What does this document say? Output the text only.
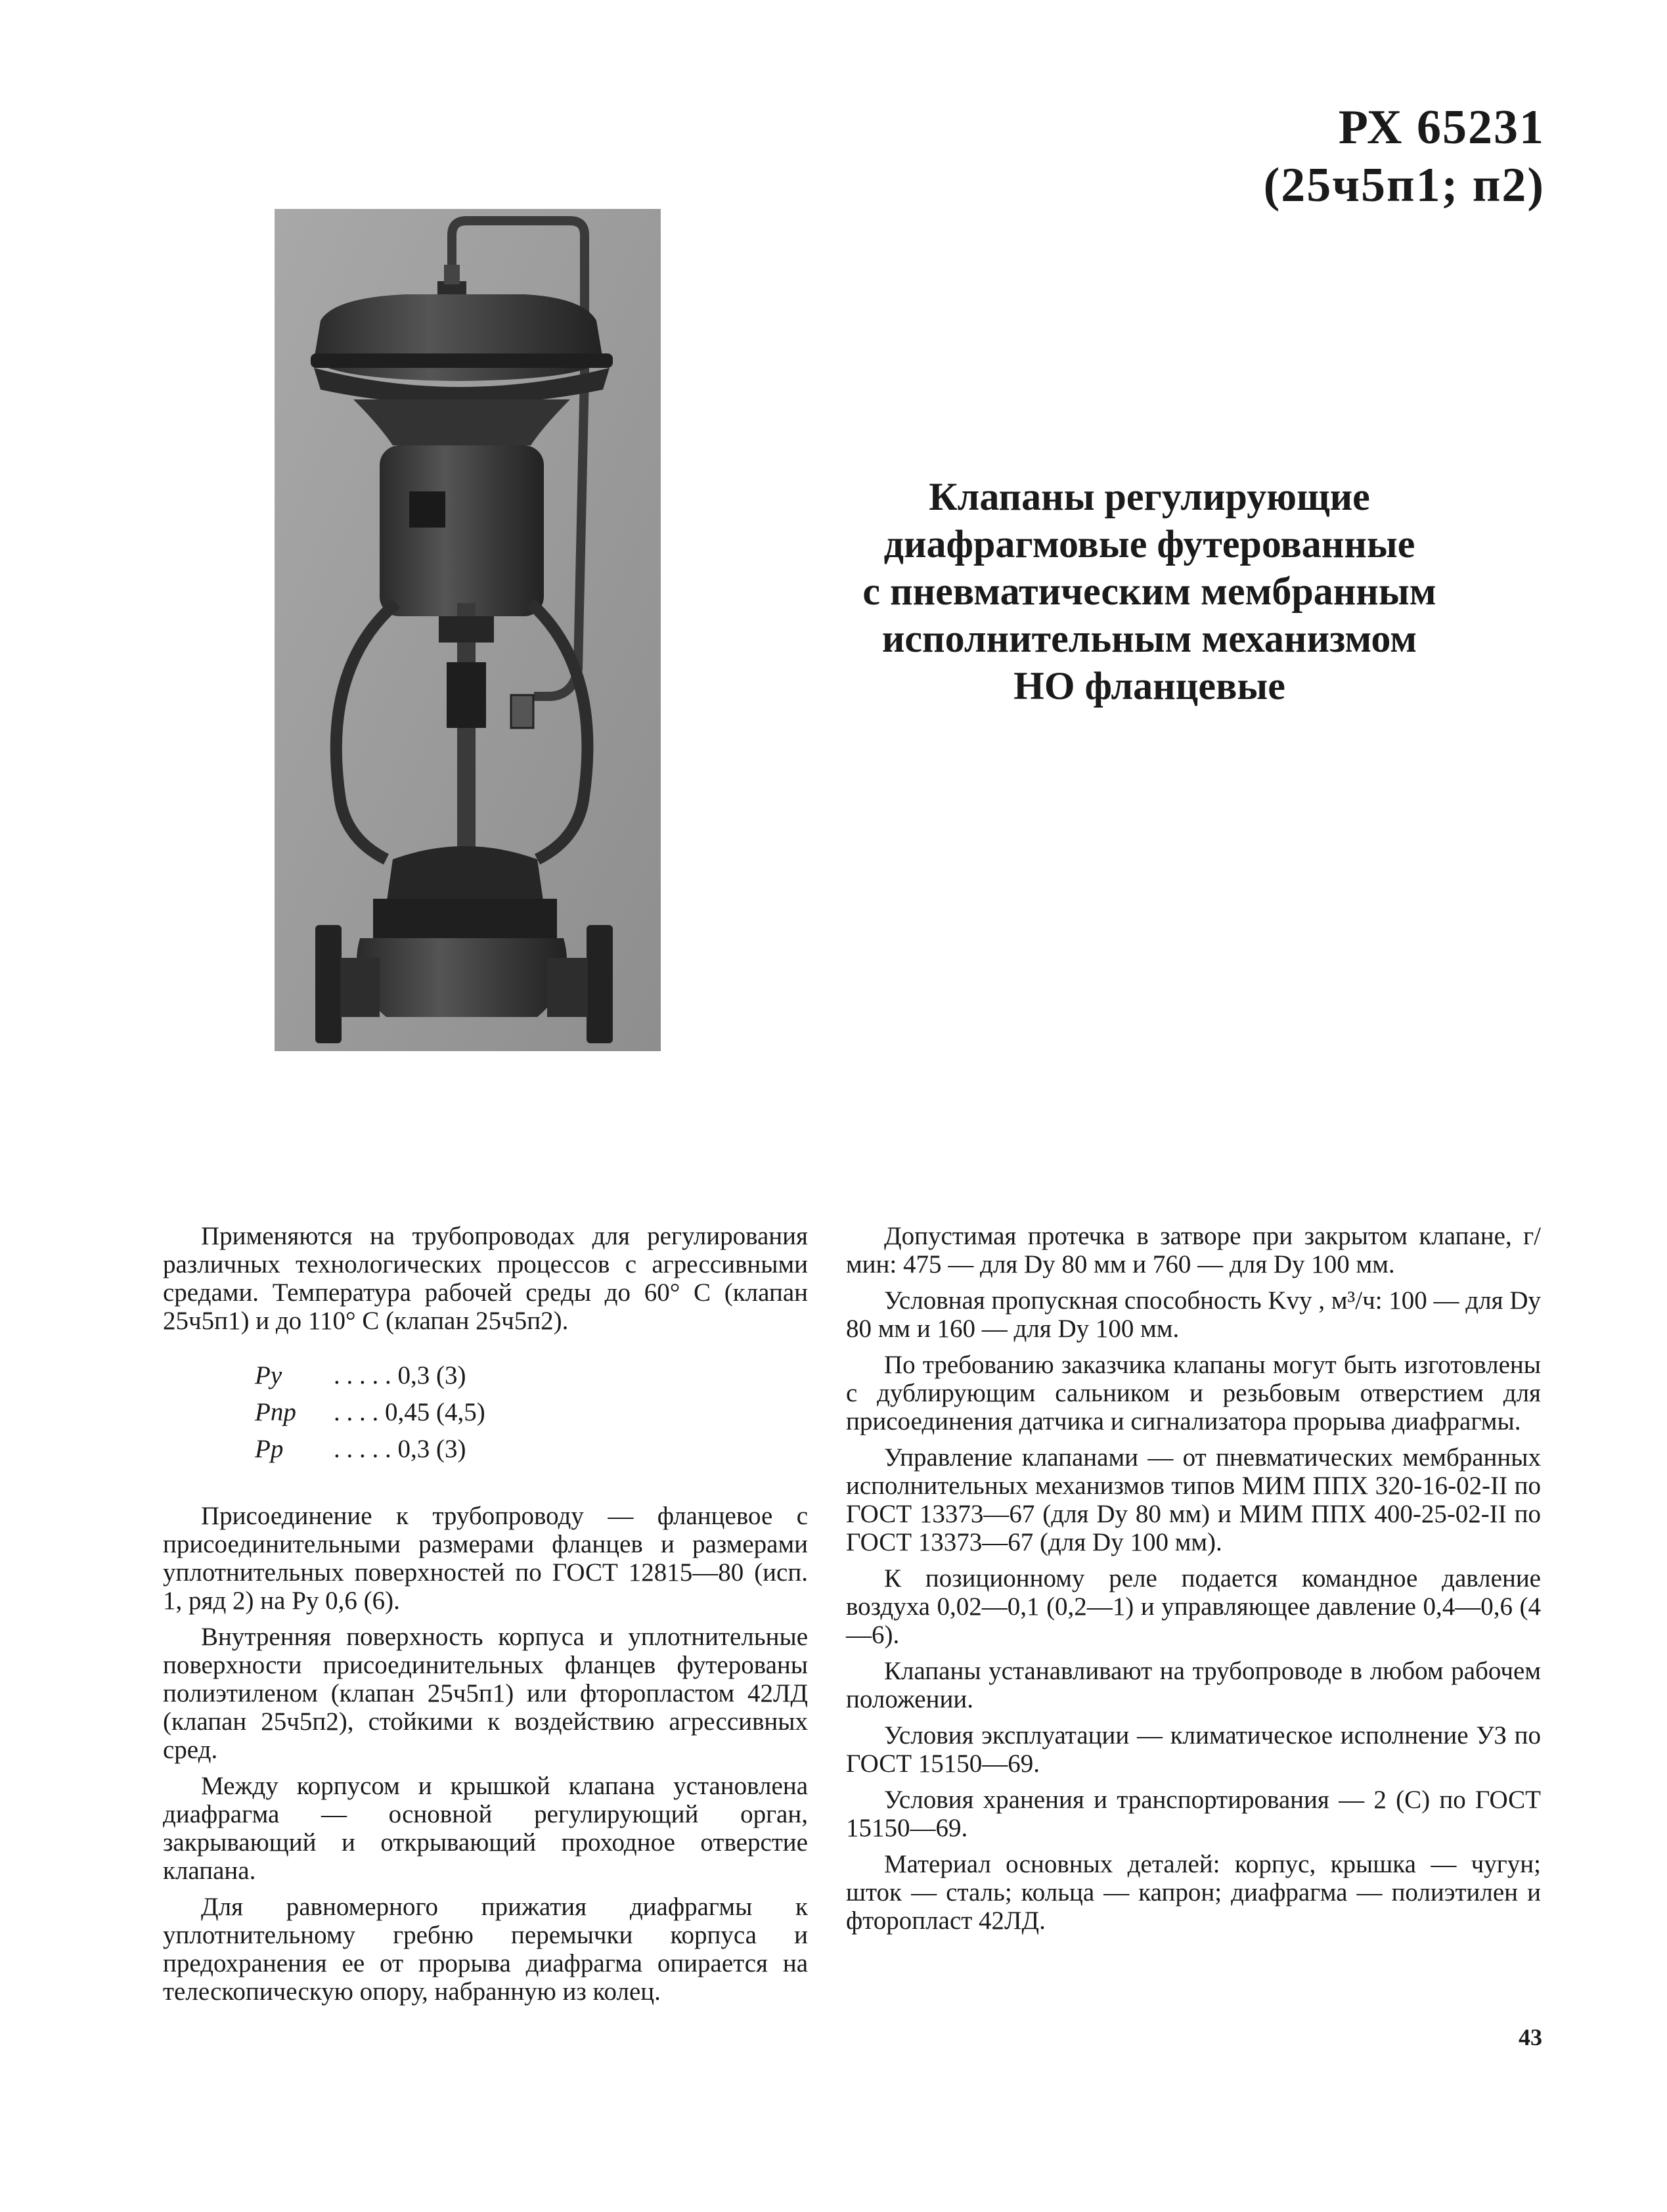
РХ 65231
(25ч5п1; п2)
Клапаны регулирующие
диафрагмовые футерованные
с пневматическим мембранным
исполнительным механизмом
НО фланцевые

Применяются на трубопроводах для регулирования различных технологических процессов с агрессивными средами. Температура рабочей среды до 60° С (клапан 25ч5п1) и до 110° С (клапан 25ч5п2).

Pу	. . . . . 0,3 (3)
Pпр	. . . . 0,45 (4,5)
Pр	. . . . . 0,3 (3)

Присоединение к трубопроводу — фланцевое с присоединительными размерами фланцев и размерами уплотнительных поверхностей по ГОСТ 12815—80 (исп. 1, ряд 2) на Pу 0,6 (6).

Внутренняя поверхность корпуса и уплотнительные поверхности присоединительных фланцев футерованы полиэтиленом (клапан 25ч5п1) или фторопластом 42ЛД (клапан 25ч5п2), стойкими к воздействию агрессивных сред.

Между корпусом и крышкой клапана установлена диафрагма — основной регулирующий орган, закрывающий и открывающий проходное отверстие клапана.

Для равномерного прижатия диафрагмы к уплотнительному гребню перемычки корпуса и предохранения ее от прорыва диафрагма опирается на телескопическую опору, набранную из колец.

Допустимая протечка в затворе при закрытом клапане, г/мин: 475 — для Dу 80 мм и 760 — для Dу 100 мм.

Условная пропускная способность Kvу , м³/ч: 100 — для Dу 80 мм и 160 — для Dу 100 мм.

По требованию заказчика клапаны могут быть изготовлены с дублирующим сальником и резьбовым отверстием для присоединения датчика и сигнализатора прорыва диафрагмы.

Управление клапанами — от пневматических мембранных исполнительных механизмов типов МИМ ППХ 320-16-02-II по ГОСТ 13373—67 (для Dу 80 мм) и МИМ ППХ 400-25-02-II по ГОСТ 13373—67 (для Dу 100 мм).

К позиционному реле подается командное давление воздуха 0,02—0,1 (0,2—1) и управляющее давление 0,4—0,6 (4—6).

Клапаны устанавливают на трубопроводе в любом рабочем положении.

Условия эксплуатации — климатическое исполнение УЗ по ГОСТ 15150—69.

Условия хранения и транспортирования — 2 (С) по ГОСТ 15150—69.

Материал основных деталей: корпус, крышка — чугун; шток — сталь; кольца — капрон; диафрагма — полиэтилен и фторопласт 42ЛД.

43
